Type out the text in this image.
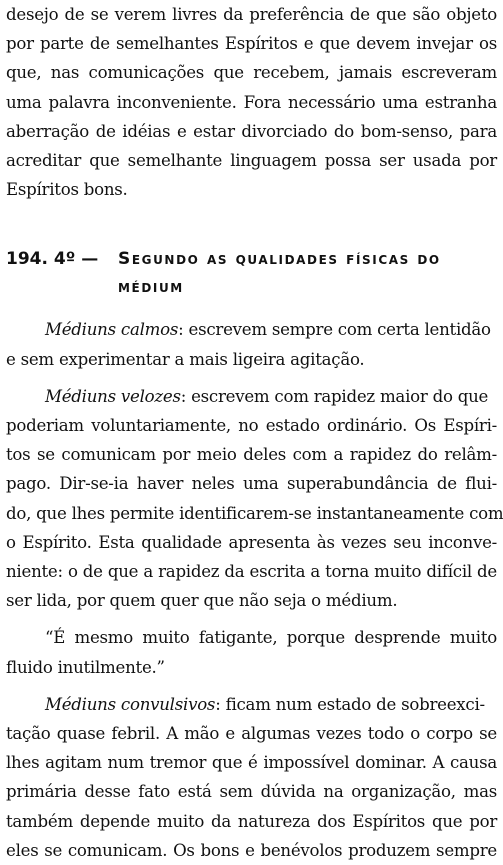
desejo de se verem livres da preferência de que são objeto
por parte de semelhantes Espíritos e que devem invejar os
que, nas comunicações que recebem, jamais escreveram
uma palavra inconveniente. Fora necessário uma estranha
aberração de idéias e estar divorciado do bom-senso, para
acreditar que semelhante linguagem possa ser usada por
Espíritos bons.
194. 4º — Segundo as qualidades físicas do
médium
Médiuns calmos: escrevem sempre com certa lentidão
e sem experimentar a mais ligeira agitação.
Médiuns velozes: escrevem com rapidez maior do que
poderiam voluntariamente, no estado ordinário. Os Espíri-
tos se comunicam por meio deles com a rapidez do relâm-
pago. Dir-se-ia haver neles uma superabundância de flui-
do, que lhes permite identificarem-se instantaneamente com
o Espírito. Esta qualidade apresenta às vezes seu inconve-
niente: o de que a rapidez da escrita a torna muito difícil de
ser lida, por quem quer que não seja o médium.
“É mesmo muito fatigante, porque desprende muito
fluido inutilmente.”
Médiuns convulsivos: ficam num estado de sobreexci-
tação quase febril. A mão e algumas vezes todo o corpo se
lhes agitam num tremor que é impossível dominar. A causa
primária desse fato está sem dúvida na organização, mas
também depende muito da natureza dos Espíritos que por
eles se comunicam. Os bons e benévolos produzem sempre
